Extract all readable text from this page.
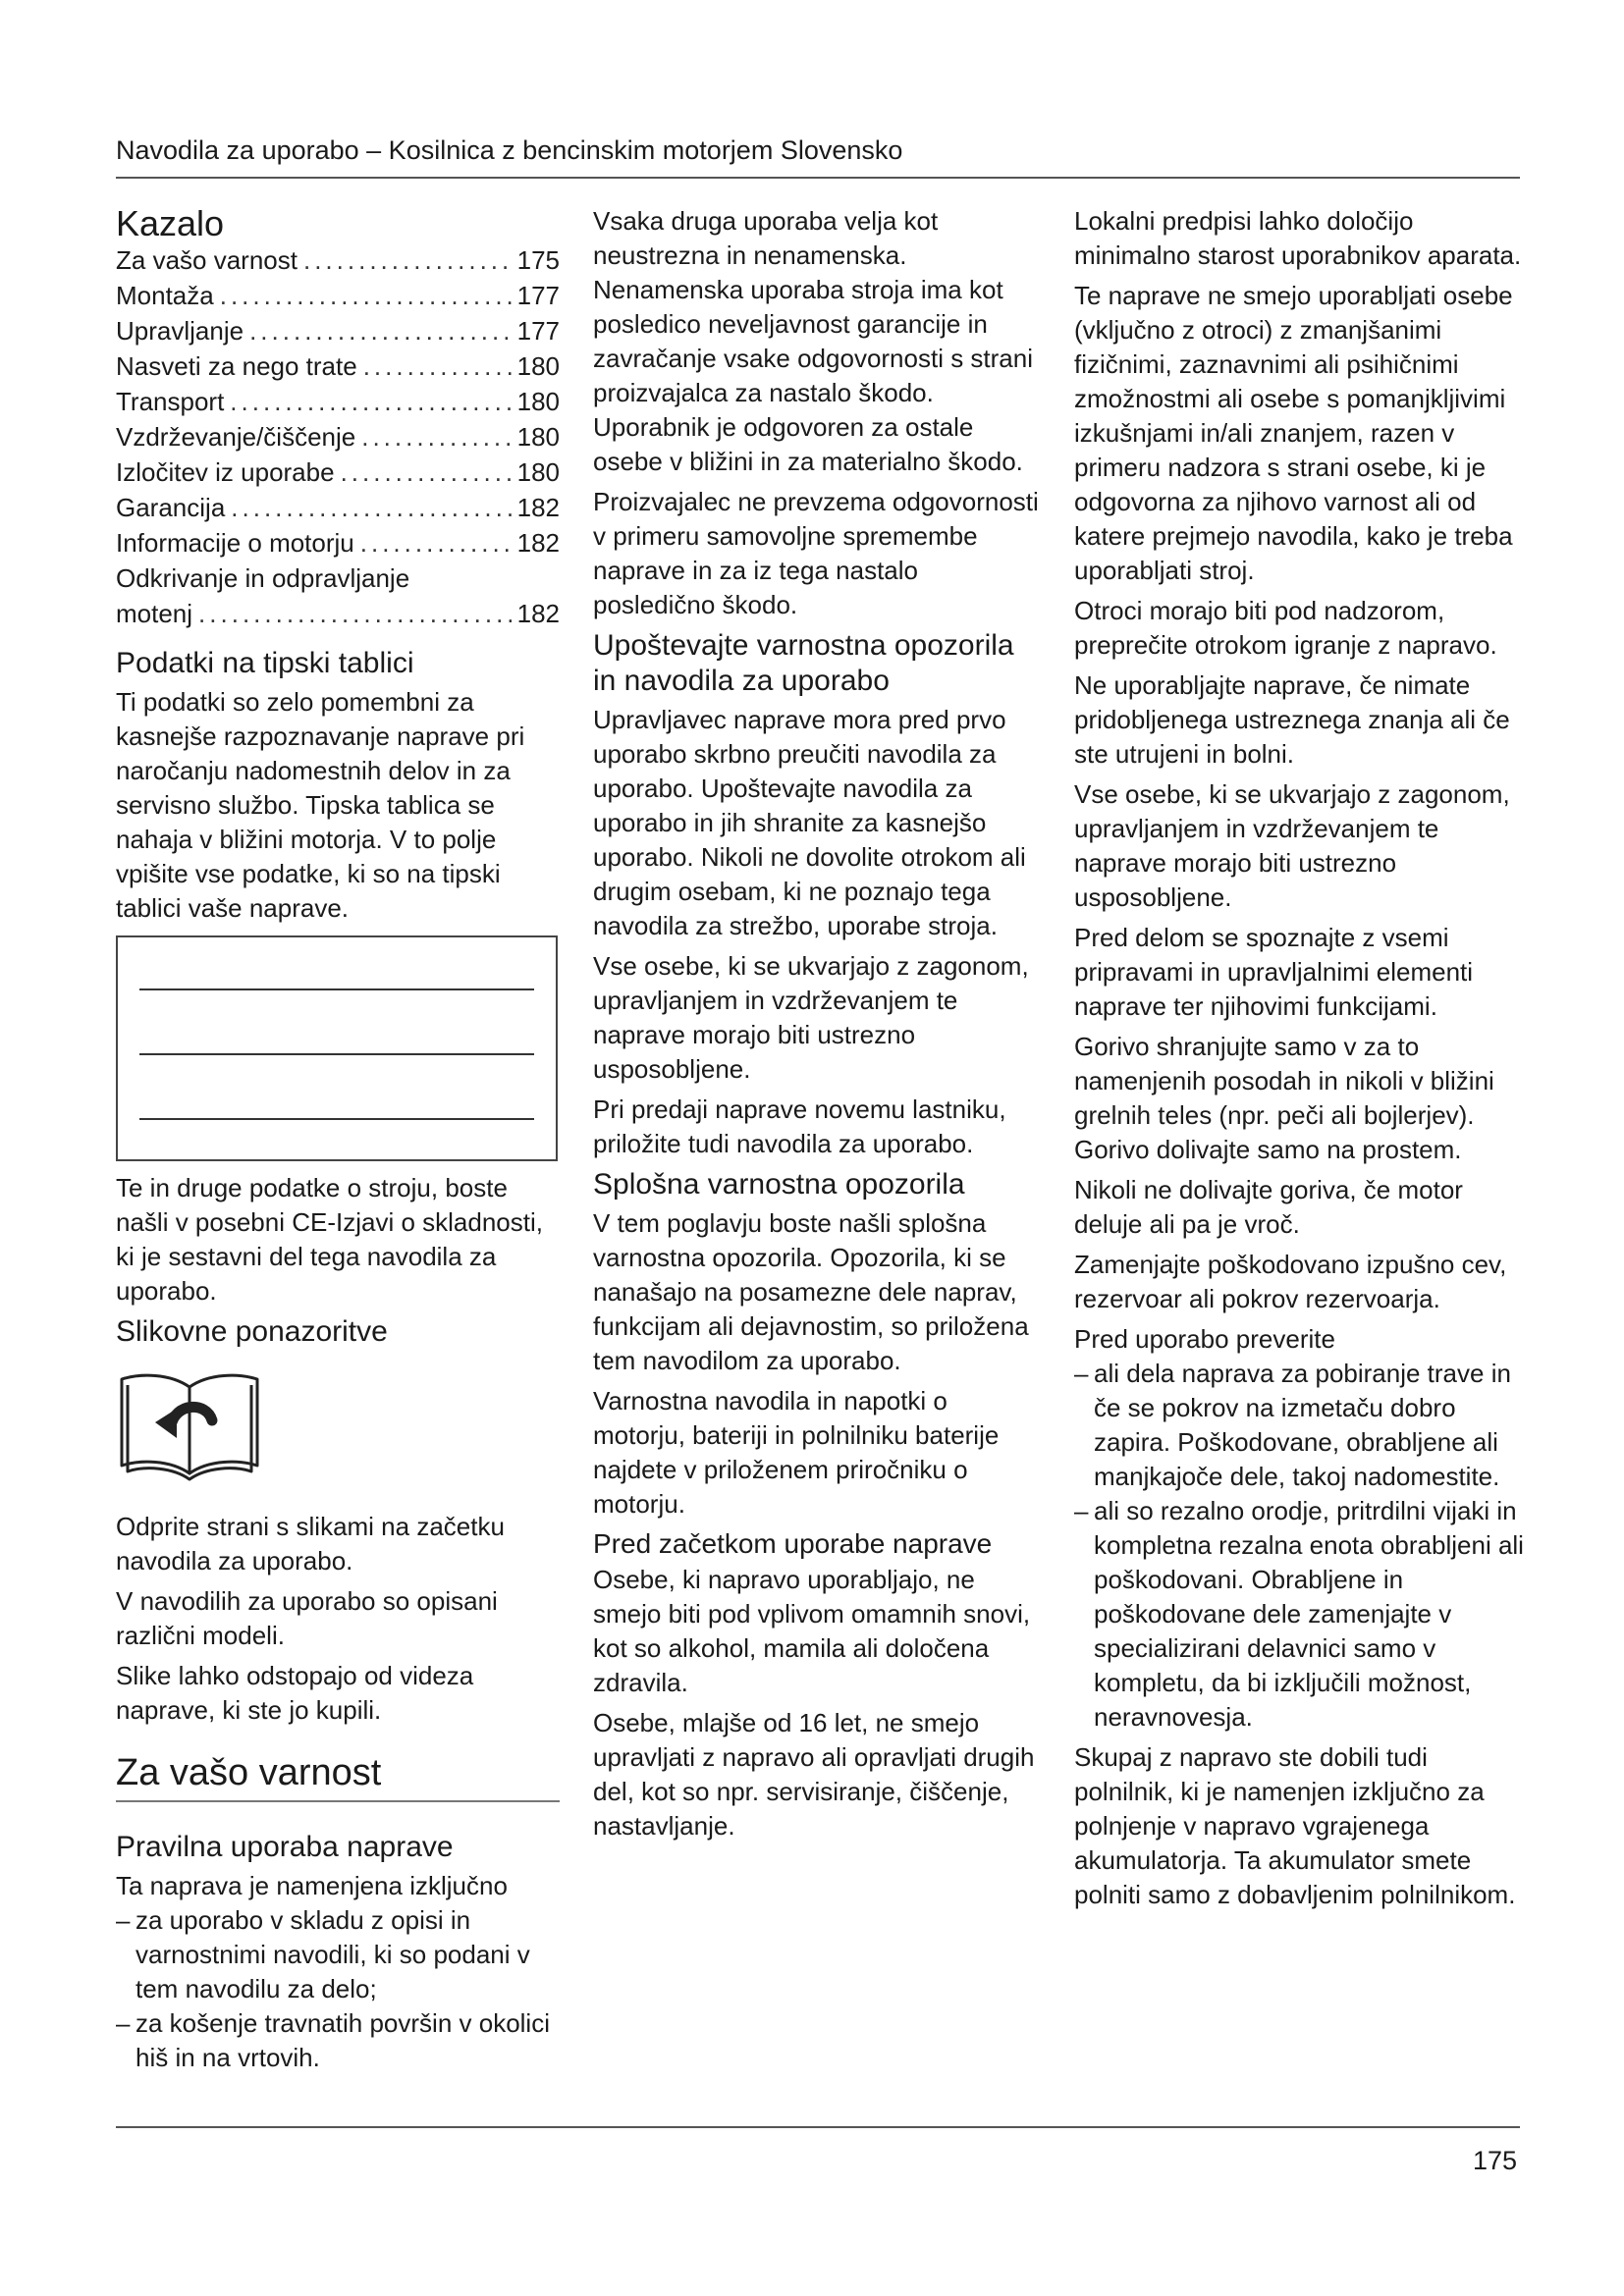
Navodila za uporabo – Kosilnica z bencinskim motorjem Slovensko
Kazalo
Za vašo varnost .....	175
Montaža .....	177
Upravljanje .....	177
Nasveti za nego trate .....	180
Transport .....	180
Vzdrževanje/čiščenje .....	180
Izločitev iz uporabe .....	180
Garancija .....	182
Informacije o motorju .....	182
Odkrivanje in odpravljanje
motenj .....	182
Podatki na tipski tablici

Ti podatki so zelo pomembni za kasnejše razpoznavanje naprave pri naročanju nadomestnih delov in za servisno službo. Tipska tablica se nahaja v bližini motorja. V to polje vpišite vse podatke, ki so na tipski tablici vaše naprave.

Te in druge podatke o stroju, boste našli v posebni CE-Izjavi o skladnosti, ki je sestavni del tega navodila za uporabo.

Slikovne ponazoritve

Odprite strani s slikami na začetku navodila za uporabo.

V navodilih za uporabo so opisani različni modeli.

Slike lahko odstopajo od videza naprave, ki ste jo kupili.

Za vašo varnost
Pravilna uporaba naprave

Ta naprava je namenjena izključno

– za uporabo v skladu z opisi in varnostnimi navodili, ki so podani v tem navodilu za delo;
– za košenje travnatih površin v okolici hiš in na vrtovih.

Vsaka druga uporaba velja kot neustrezna in nenamenska. Nenamenska uporaba stroja ima kot posledico neveljavnost garancije in zavračanje vsake odgovornosti s strani proizvajalca za nastalo škodo. Uporabnik je odgovoren za ostale osebe v bližini in za materialno škodo.

Proizvajalec ne prevzema odgovornosti v primeru samovoljne spremembe naprave in za iz tega nastalo posledično škodo.

Upoštevajte varnostna opozorila in navodila za uporabo

Upravljavec naprave mora pred prvo uporabo skrbno preučiti navodila za uporabo. Upoštevajte navodila za uporabo in jih shranite za kasnejšo uporabo. Nikoli ne dovolite otrokom ali drugim osebam, ki ne poznajo tega navodila za strežbo, uporabe stroja.

Vse osebe, ki se ukvarjajo z zagonom, upravljanjem in vzdrževanjem te naprave morajo biti ustrezno usposobljene.

Pri predaji naprave novemu lastniku, priložite tudi navodila za uporabo.

Splošna varnostna opozorila

V tem poglavju boste našli splošna varnostna opozorila. Opozorila, ki se nanašajo na posamezne dele naprav, funkcijam ali dejavnostim, so priložena tem navodilom za uporabo.

Varnostna navodila in napotki o motorju, bateriji in polnilniku baterije najdete v priloženem priročniku o motorju.

Pred začetkom uporabe naprave

Osebe, ki napravo uporabljajo, ne smejo biti pod vplivom omamnih snovi, kot so alkohol, mamila ali določena zdravila.

Osebe, mlajše od 16 let, ne smejo upravljati z napravo ali opravljati drugih del, kot so npr. servisiranje, čiščenje, nastavljanje.

Lokalni predpisi lahko določijo minimalno starost uporabnikov aparata.

Te naprave ne smejo uporabljati osebe (vključno z otroci) z zmanjšanimi fizičnimi, zaznavnimi ali psihičnimi zmožnostmi ali osebe s pomanjkljivimi izkušnjami in/ali znanjem, razen v primeru nadzora s strani osebe, ki je odgovorna za njihovo varnost ali od katere prejmejo navodila, kako je treba uporabljati stroj.

Otroci morajo biti pod nadzorom, preprečite otrokom igranje z napravo.

Ne uporabljajte naprave, če nimate pridobljenega ustreznega znanja ali če ste utrujeni in bolni.

Vse osebe, ki se ukvarjajo z zagonom, upravljanjem in vzdrževanjem te naprave morajo biti ustrezno usposobljene.

Pred delom se spoznajte z vsemi pripravami in upravljalnimi elementi naprave ter njihovimi funkcijami.

Gorivo shranjujte samo v za to namenjenih posodah in nikoli v bližini grelnih teles (npr. peči ali bojlerjev). Gorivo dolivajte samo na prostem.

Nikoli ne dolivajte goriva, če motor deluje ali pa je vroč.

Zamenjajte poškodovano izpušno cev, rezervoar ali pokrov rezervoarja.

Pred uporabo preverite

– ali dela naprava za pobiranje trave in če se pokrov na izmetaču dobro zapira. Poškodovane, obrabljene ali manjkajoče dele, takoj nadomestite.
– ali so rezalno orodje, pritrdilni vijaki in kompletna rezalna enota obrabljeni ali poškodovani. Obrabljene in poškodovane dele zamenjajte v specializirani delavnici samo v kompletu, da bi izključili možnost, neravnovesja.

Skupaj z napravo ste dobili tudi polnilnik, ki je namenjen izključno za polnjenje v napravo vgrajenega akumulatorja. Ta akumulator smete polniti samo z dobavljenim polnilnikom.

175
